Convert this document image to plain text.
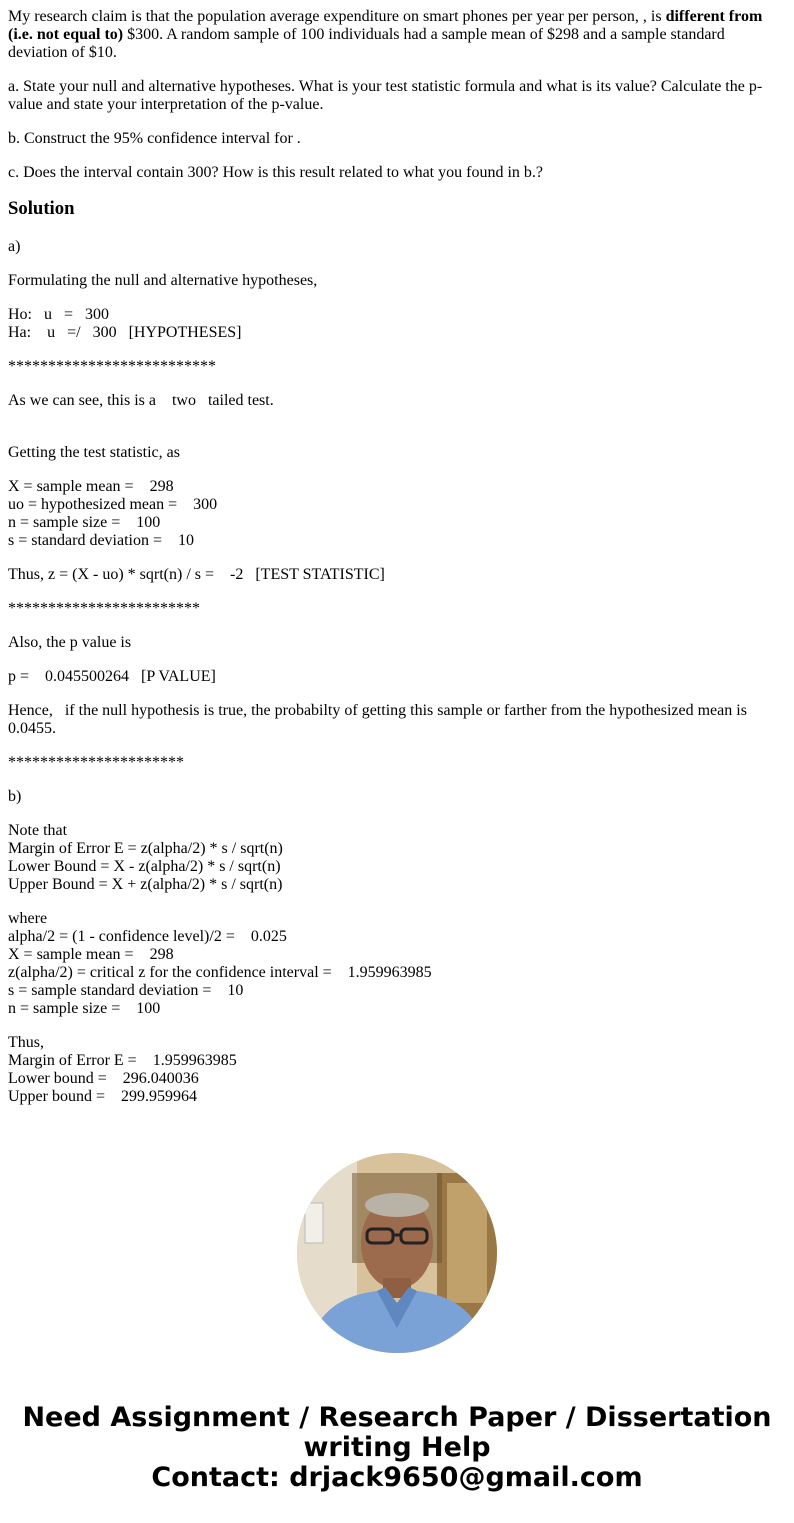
My research claim is that the population average expenditure on smart phones per year per person, , is different from (i.e. not equal to) $300. A random sample of 100 individuals had a sample mean of $298 and a sample standard deviation of $10.

a. State your null and alternative hypotheses. What is your test statistic formula and what is its value? Calculate the p-value and state your interpretation of the p-value.

b. Construct the 95% confidence interval for .

c. Does the interval contain 300? How is this result related to what you found in b.?

Solution

a)

Formulating the null and alternative hypotheses,

Ho:   u   =   300
Ha:    u   =/   300   [HYPOTHESES]

**************************

As we can see, this is a    two   tailed test.

Getting the test statistic, as

X = sample mean =    298
uo = hypothesized mean =    300
n = sample size =    100
s = standard deviation =    10

Thus, z = (X - uo) * sqrt(n) / s =    -2   [TEST STATISTIC]

************************

Also, the p value is

p =    0.045500264   [P VALUE]

Hence,   if the null hypothesis is true, the probabilty of getting this sample or farther from the hypothesized mean is 0.0455.

**********************

b)

Note that
Margin of Error E = z(alpha/2) * s / sqrt(n)
Lower Bound = X - z(alpha/2) * s / sqrt(n)
Upper Bound = X + z(alpha/2) * s / sqrt(n)

where
alpha/2 = (1 - confidence level)/2 =    0.025
X = sample mean =    298
z(alpha/2) = critical z for the confidence interval =    1.959963985
s = sample standard deviation =    10
n = sample size =    100

Thus,
Margin of Error E =    1.959963985
Lower bound =    296.040036
Upper bound =    299.959964

Need Assignment / Research Paper / Dissertation writing Help
Contact: drjack9650@gmail.com
